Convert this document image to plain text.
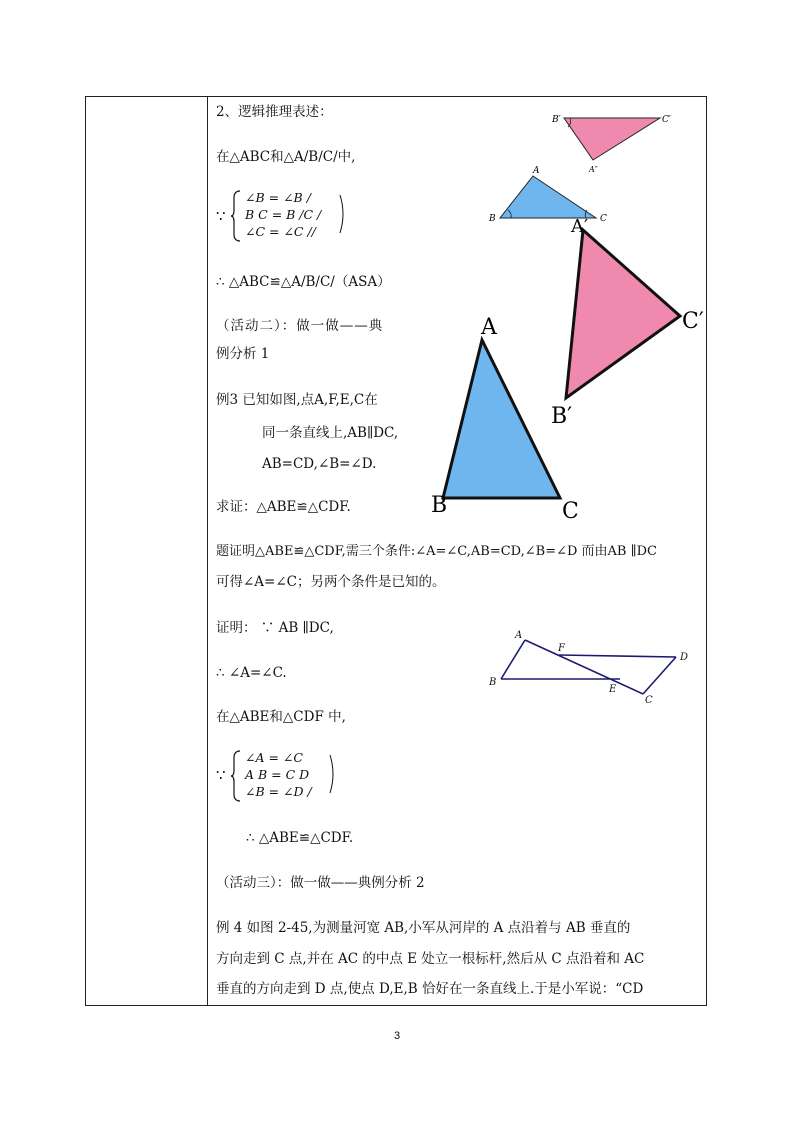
2、逻辑推理表述：
在△ABC和△A/B/C/中,
∵
∠B = ∠B /
B C = B /C /
∠C = ∠C //
∴ △ABC≌△A/B/C/（ASA）
（活动二）：做一做——典
例分析 1
例3 已知如图,点A,F,E,C在
同一条直线上,AB∥DC,
AB=CD,∠B=∠D.
求证：△ABE≌△CDF.
题证明△ABE≌△CDF,需三个条件:∠A=∠C,AB=CD,∠B=∠D 而由AB ∥DC
可得∠A=∠C；另两个条件是已知的。
证明： ∵ AB ∥DC,
∴ ∠A=∠C.
在△ABE和△CDF 中,
∵
∠A = ∠C
A B = C D
∠B = ∠D /
∴ △ABE≌△CDF.
（活动三）：做一做——典例分析 2
例 4 如图 2-45,为测量河宽 AB,小军从河岸的 A 点沿着与 AB 垂直的
方向走到 C 点,并在 AC 的中点 E 处立一根标杆,然后从 C 点沿着和 AC
垂直的方向走到 D 点,使点 D,E,B 恰好在一条直线上.于是小军说：“CD
B′	C′
A″
A
B	C
A′
C′
B′
A
B	C
A
F
D
B
E
C
3
